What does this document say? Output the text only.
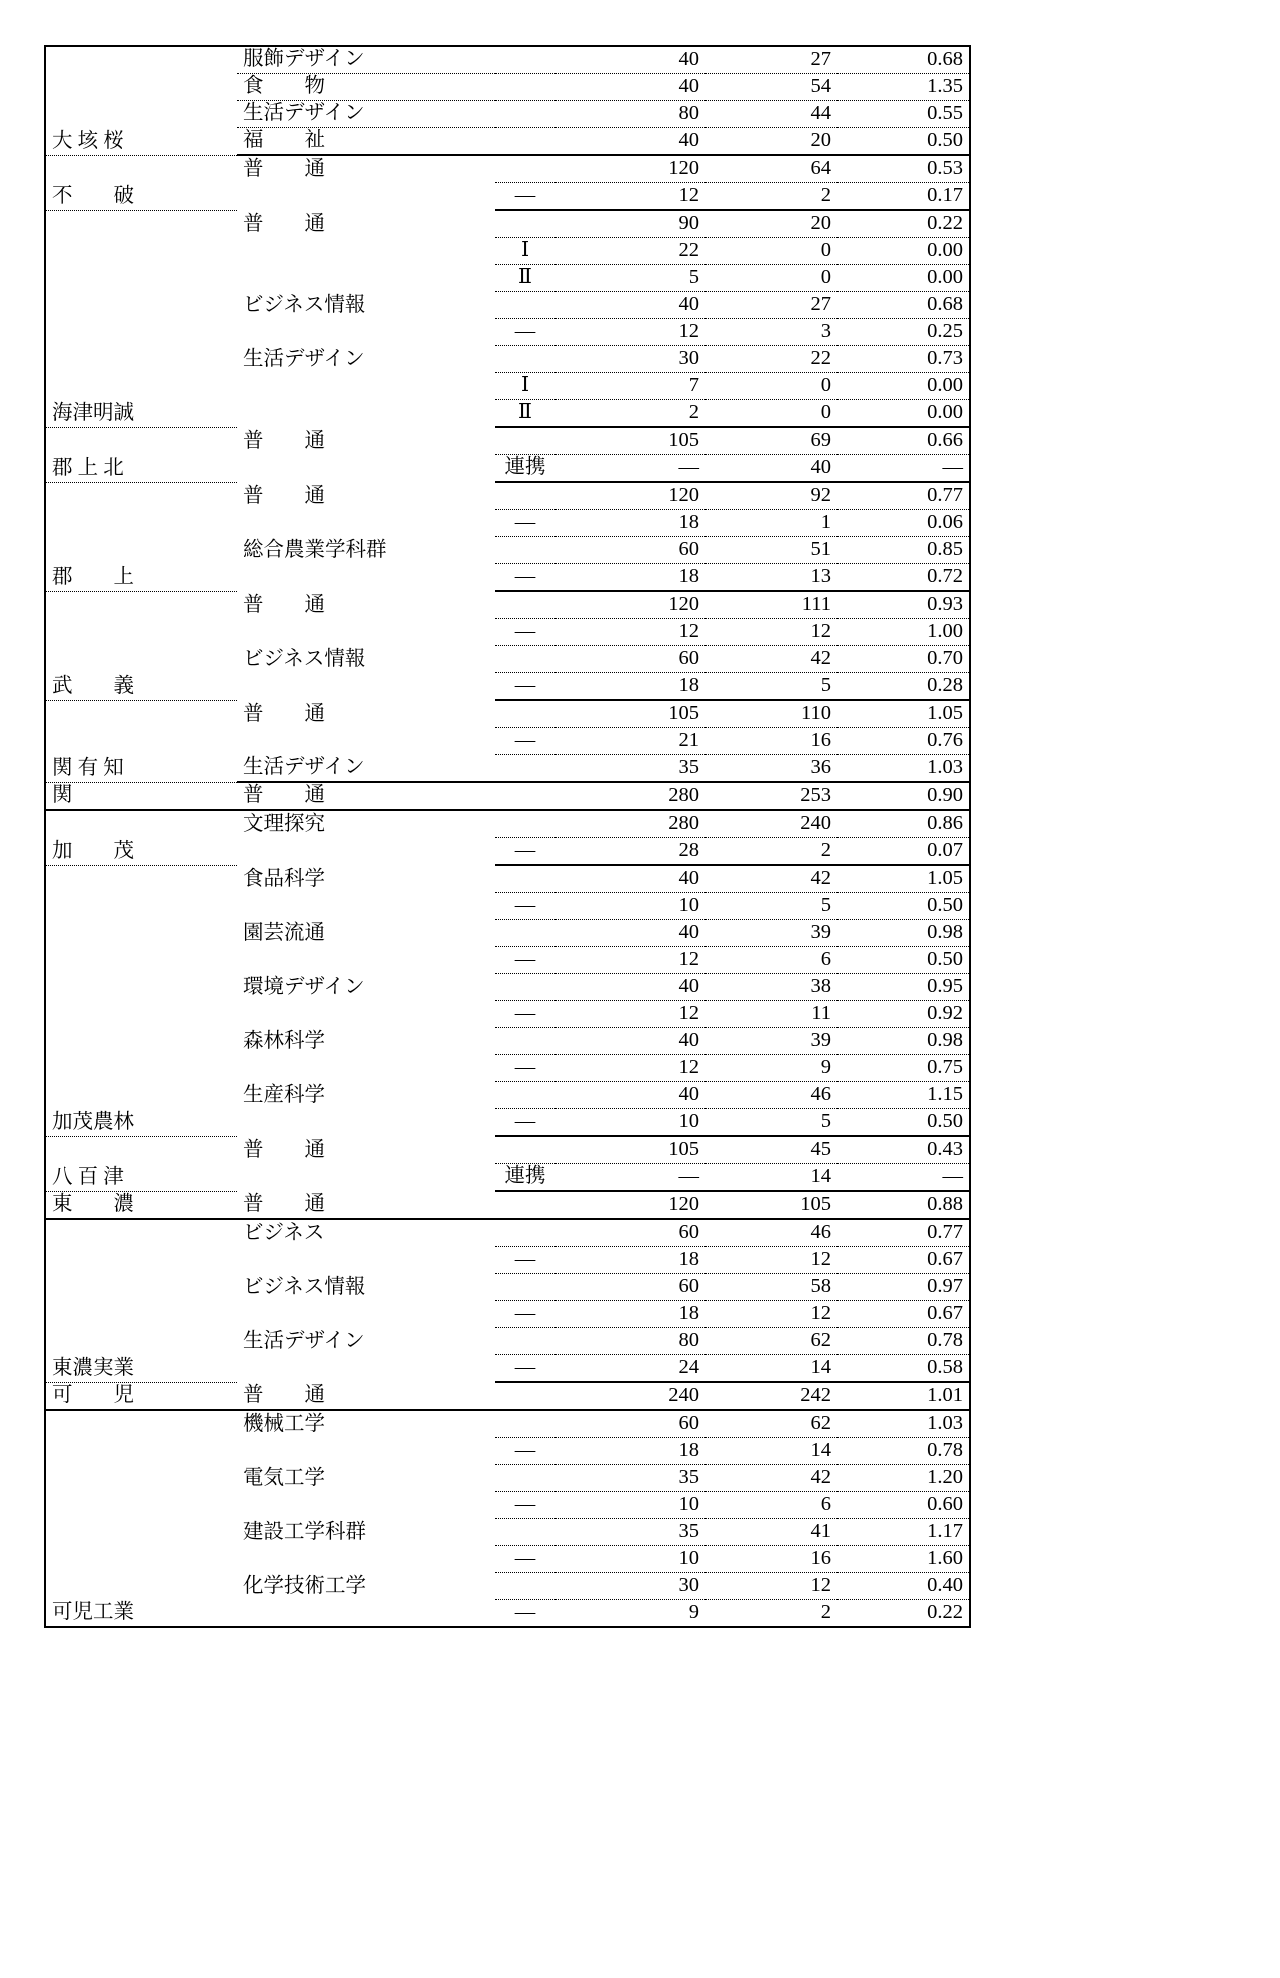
大 垓 桜	服飾デザイン		40	27	0.68
	食　　物		40	54	1.35
	生活デザイン		80	44	0.55
	福　　祉		40	20	0.50
不　　破	普　　通		120	64	0.53
		—	12	2	0.17
海津明誠	普　　通		90	20	0.22
		Ⅰ	22	0	0.00
		Ⅱ	5	0	0.00
	ビジネス情報		40	27	0.68
		—	12	3	0.25
	生活デザイン		30	22	0.73
		Ⅰ	7	0	0.00
		Ⅱ	2	0	0.00
郡 上 北	普　　通		105	69	0.66
		連携	—	40	—
郡　　上	普　　通		120	92	0.77
		—	18	1	0.06
	総合農業学科群		60	51	0.85
		—	18	13	0.72
武　　義	普　　通		120	111	0.93
		—	12	12	1.00
	ビジネス情報		60	42	0.70
		—	18	5	0.28
関 有 知	普　　通		105	110	1.05
		—	21	16	0.76
	生活デザイン		35	36	1.03
関	普　　通		280	253	0.90
加　　茂	文理探究		280	240	0.86
		—	28	2	0.07
加茂農林	食品科学		40	42	1.05
		—	10	5	0.50
	園芸流通		40	39	0.98
		—	12	6	0.50
	環境デザイン		40	38	0.95
		—	12	11	0.92
	森林科学		40	39	0.98
		—	12	9	0.75
	生産科学		40	46	1.15
		—	10	5	0.50
八 百 津	普　　通		105	45	0.43
		連携	—	14	—
東　　濃	普　　通		120	105	0.88
東濃実業	ビジネス		60	46	0.77
		—	18	12	0.67
	ビジネス情報		60	58	0.97
		—	18	12	0.67
	生活デザイン		80	62	0.78
		—	24	14	0.58
可　　児	普　　通		240	242	1.01
可児工業	機械工学		60	62	1.03
		—	18	14	0.78
	電気工学		35	42	1.20
		—	10	6	0.60
	建設工学科群		35	41	1.17
		—	10	16	1.60
	化学技術工学		30	12	0.40
		—	9	2	0.22
